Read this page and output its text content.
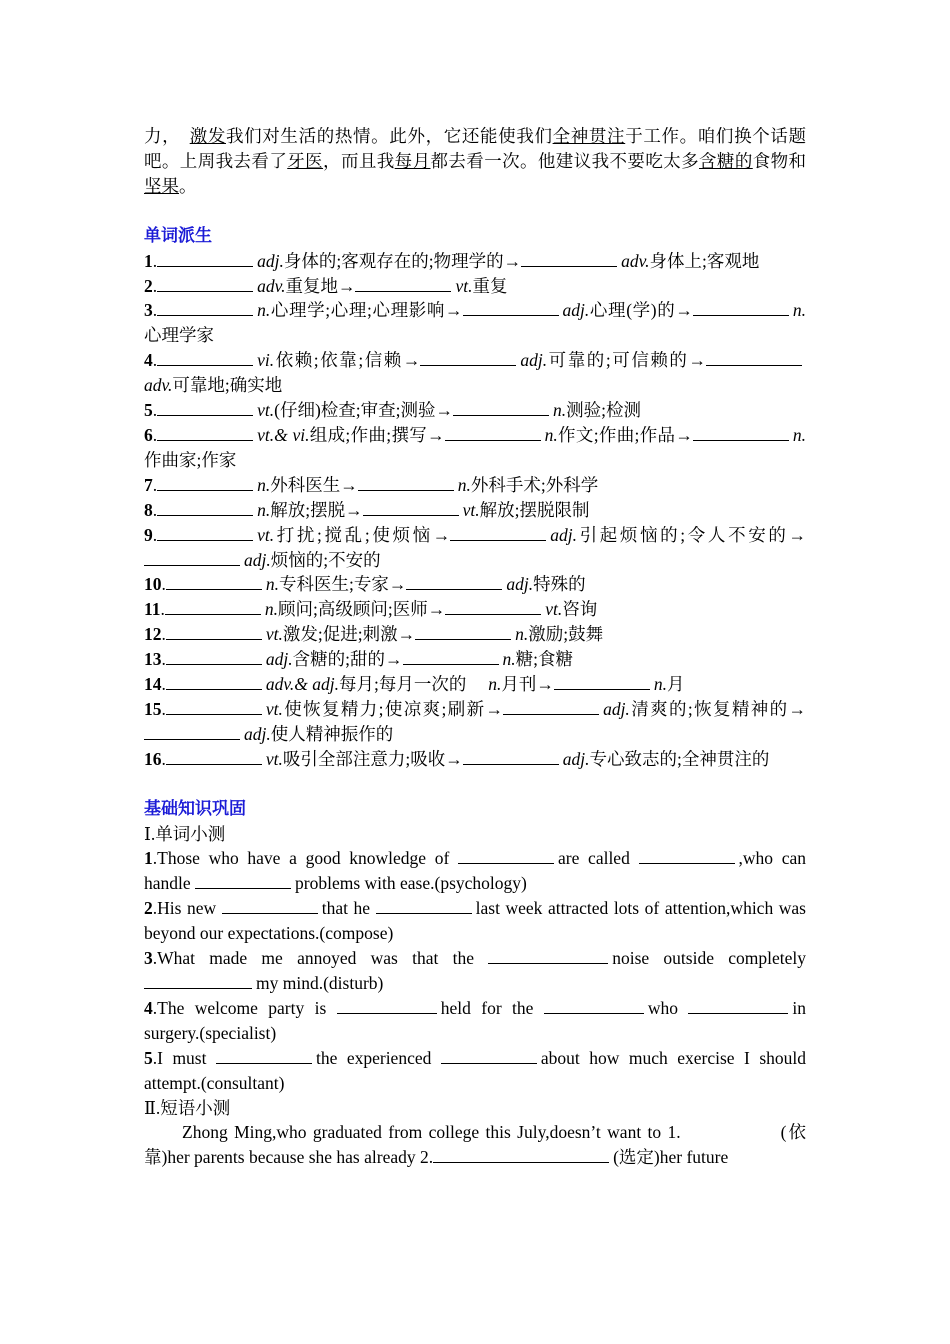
力，　激发我们对生活的热情。此外，它还能使我们全神贯注于工作。咱们换个话题吧。上周我去看了牙医，而且我每月都去看一次。他建议我不要吃太多含糖的食物和坚果。

单词派生

1.	adj.身体的;客观存在的;物理学的→	adv.身体上;客观地

2.	adv.重复地→	vt.重复

3.	n.心理学;心理;心理影响→	adj.心理(学)的→	n.心理学家

4.	vi.依赖;依靠;信赖→	adj.可靠的;可信赖的→adv.可靠地;确实地

5.	vt.(仔细)检查;审查;测验→	n.测验;检测

6.	vt.& vi.组成;作曲;撰写→	n.作文;作曲;作品→	n.作曲家;作家

7.	n.外科医生→	n.外科手术;外科学

8.	n.解放;摆脱→	vt.解放;摆脱限制

9.	vt.打扰;搅乱;使烦恼→	adj.引起烦恼的;令人不安的→adj.烦恼的;不安的

10.	n.专科医生;专家→	adj.特殊的

11.	n.顾问;高级顾问;医师→	vt.咨询

12.	vt.激发;促进;刺激→	n.激励;鼓舞

13.	adj.含糖的;甜的→	n.糖;食糖

14.	adv.& adj.每月;每月一次的　 n.月刊→	n.月

15.	vt.使恢复精力;使凉爽;刷新→	adj.清爽的;恢复精神的→adj.使人精神振作的

16.	vt.吸引全部注意力;吸收→	adj.专心致志的;全神贯注的

基础知识巩固

Ⅰ.单词小测

1.Those who have a good knowledge of	are called	,who can handle	problems with ease.(psychology)

2.His new	that he	last week attracted lots of attention,which was beyond our expectations.(compose)

3.What made me annoyed was that the	noise outside completely my mind.(disturb)

4.The welcome party is	held for the	who	in surgery.(specialist)

5.I must	the experienced	about how much exercise I should attempt.(consultant)

Ⅱ.短语小测

Zhong Ming,who graduated from college this July,doesn’t want to 1.	(依靠)her parents because she has already 2.	(选定)her future
